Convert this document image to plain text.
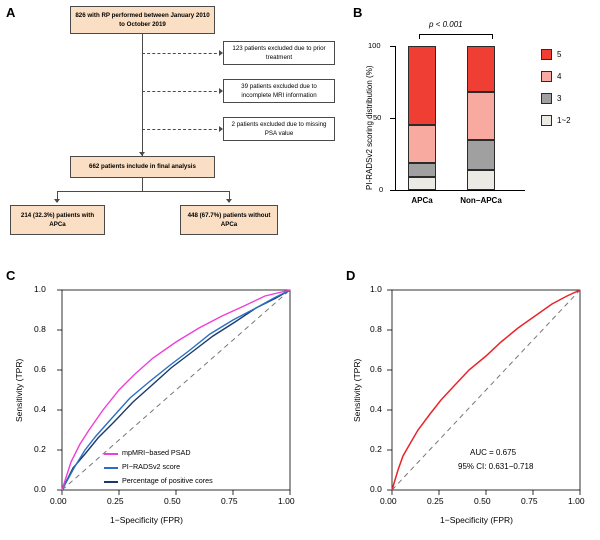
A	826 with RP performed between January 2010 to October 2019
123 patients excluded due to prior treatment
39 patients excluded due to incomplete MRI information
2 patients excluded due to missing PSA value
662 patients include in final analysis
214 (32.3%) patients with APCa
448 (67.7%) patients without APCa
B
PI-RADSv2 scoring distribution (%) 0
50
100
p < 0.001
APCa	Non−APCa
5
4
3
1~2
C
Sensitivity (TPR)
1−Specificity (FPR)
0.00	0.25	0.50	0.75	1.00
0.0
0.2
0.4
0.6
0.8
1.0
mpMRI−based PSAD
PI−RADSv2 score
Percentage of positive cores
D
Sensitivity (TPR)
1−Specificity (FPR)
0.00	0.25	0.50	0.75	1.00
0.0
0.2
0.4
0.6
0.8
1.0
AUC = 0.675
95% CI: 0.631−0.718
